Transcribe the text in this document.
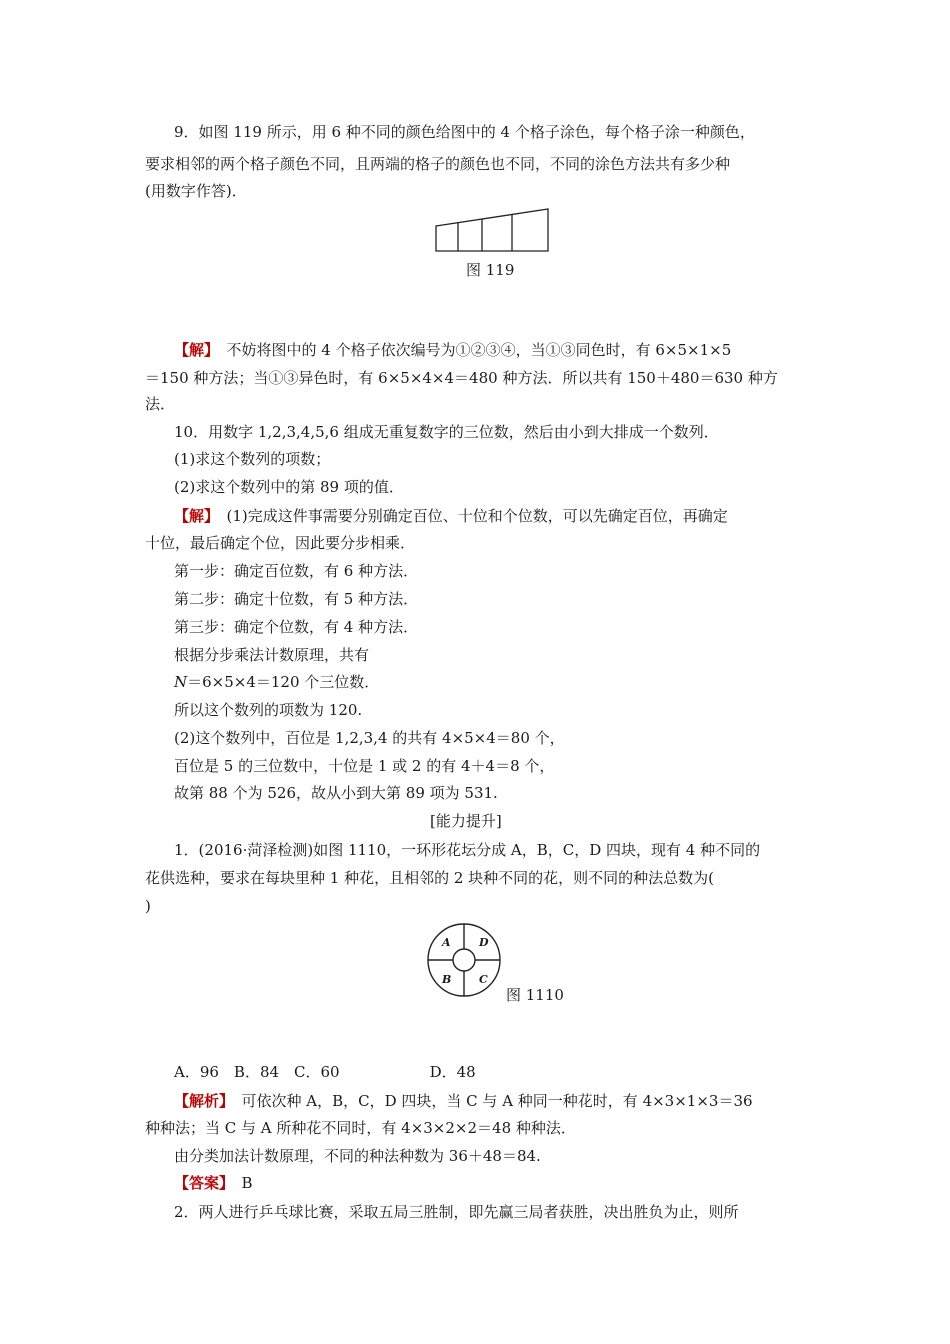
9．如图 119 所示，用 6 种不同的颜色给图中的 4 个格子涂色，每个格子涂一种颜色，
要求相邻的两个格子颜色不同，且两端的格子的颜色也不同，不同的涂色方法共有多少种
(用数字作答)．
图 119
【解】　不妨将图中的 4 个格子依次编号为①②③④，当①③同色时，有 6×5×1×5
＝150 种方法；当①③异色时，有 6×5×4×4＝480 种方法．所以共有 150＋480＝630 种方
法．
10．用数字 1,2,3,4,5,6 组成无重复数字的三位数，然后由小到大排成一个数列．
(1)求这个数列的项数；
(2)求这个数列中的第 89 项的值．
【解】　(1)完成这件事需要分别确定百位、十位和个位数，可以先确定百位，再确定
十位，最后确定个位，因此要分步相乘．
第一步：确定百位数，有 6 种方法．
第二步：确定十位数，有 5 种方法．
第三步：确定个位数，有 4 种方法．
根据分步乘法计数原理，共有
N＝6×5×4＝120 个三位数．
所以这个数列的项数为 120.
(2)这个数列中，百位是 1,2,3,4 的共有 4×5×4＝80 个，
百位是 5 的三位数中，十位是 1 或 2 的有 4＋4＝8 个，
故第 88 个为 526，故从小到大第 89 项为 531.
[能力提升]
1．(2016·菏泽检测)如图 1110，一环形花坛分成 A，B，C，D 四块，现有 4 种不同的
花供选种，要求在每块里种 1 种花，且相邻的 2 块种不同的花，则不同的种法总数为(
)
A	D
B	C
图 1110
A．96　B．84　C．60　　　　　　D．48
【解析】　可依次种 A，B，C，D 四块，当 C 与 A 种同一种花时，有 4×3×1×3＝36
种种法；当 C 与 A 所种花不同时，有 4×3×2×2＝48 种种法．
由分类加法计数原理，不同的种法种数为 36＋48＝84.
【答案】　B
2．两人进行乒乓球比赛，采取五局三胜制，即先赢三局者获胜，决出胜负为止，则所
